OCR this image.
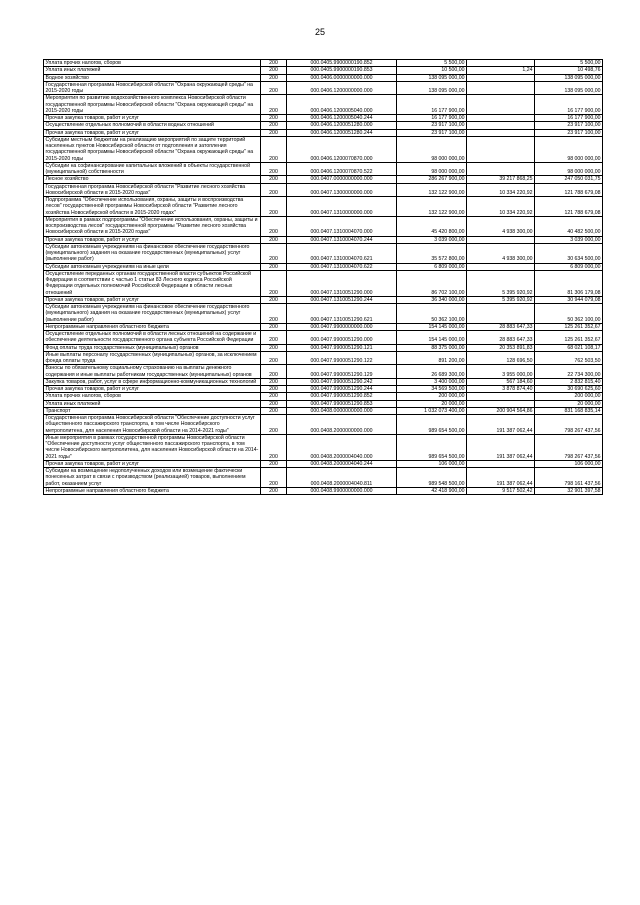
25
Уплата прочих налогов, сборов	200	000.0405.9900000190.852	5 500,00		5 500,00
Уплата иных платежей	200	000.0405.9900000190.853	10 500,00	1,24	10 498,76
Водное хозяйство	200	000.0406.0000000000.000	138 095 000,00		138 095 000,00
Государственная программа Новосибирской области "Охрана окружающей среды" на 2015-2020 годы	200	000.0406.1200000000.000	138 095 000,00		138 095 000,00
Мероприятия по развитию водохозяйственного комплекса Новосибирской области государственной программы Новосибирской области "Охрана окружающей среды" на 2015-2020 годы	200	000.0406.1200005040.000	16 177 900,00		16 177 900,00
Прочая закупка товаров, работ и услуг	200	000.0406.1200005040.244	16 177 900,00		16 177 900,00
Осуществление отдельных полномочий в области водных отношений	200	000.0406.1200051280.000	23 917 100,00		23 917 100,00
Прочая закупка товаров, работ и услуг	200	000.0406.1200051280.244	23 917 100,00		23 917 100,00
Субсидии местным бюджетам на реализацию мероприятий по защите территорий населенных пунктов Новосибирской области от подтопления и затопления государственной программы Новосибирской области "Охрана окружающей среды" на 2015-2020 годы	200	000.0406.1200070870.000	98 000 000,00		98 000 000,00
Субсидии на софинансирование капитальных вложений в объекты государственной (муниципальной) собственности	200	000.0406.1200070870.522	98 000 000,00		98 000 000,00
Лесное хозяйство	200	000.0407.0000000000.000	286 267 900,00	39 217 868,25	247 050 031,75
Государственная программа Новосибирской области "Развитие лесного хозяйства Новосибирской области в 2015-2020 годах"	200	000.0407.1300000000.000	132 122 900,00	10 334 220,92	121 788 679,08
Подпрограмма "Обеспечение использования, охраны, защиты и воспроизводства лесов" государственной программы Новосибирской области "Развитие лесного хозяйства Новосибирской области в 2015-2020 годах"	200	000.0407.1310000000.000	132 122 900,00	10 334 220,92	121 788 679,08
Мероприятия в рамках подпрограммы "Обеспечение использования, охраны, защиты и воспроизводства лесов" государственной программы "Развитие лесного хозяйства Новосибирской области в 2015-2020 годах"	200	000.0407.1310004070.000	45 420 800,00	4 938 300,00	40 482 500,00
Прочая закупка товаров, работ и услуг	200	000.0407.1310004070.244	3 039 000,00		3 039 000,00
Субсидии автономным учреждениям на финансовое обеспечение государственного (муниципального) задания на оказание государственных (муниципальных) услуг (выполнение работ)	200	000.0407.1310004070.621	35 572 800,00	4 938 300,00	30 634 500,00
Субсидии автономным учреждениям на иные цели	200	000.0407.1310004070.622	6 809 000,00		6 809 000,00
Осуществление переданных органам государственной власти субъектов Российской Федерации в соответствии с частью 1 статьи 83 Лесного кодекса Российской Федерации отдельных полномочий Российской Федерации в области лесных отношений	200	000.0407.1310051290.000	86 702 100,00	5 395 920,92	81 306 179,08
Прочая закупка товаров, работ и услуг	200	000.0407.1310051290.244	36 340 000,00	5 395 920,92	30 944 079,08
Субсидии автономным учреждениям на финансовое обеспечение государственного (муниципального) задания на оказание государственных (муниципальных) услуг (выполнение работ)	200	000.0407.1310051290.621	50 362 100,00		50 362 100,00
Непрограммные направления областного бюджета	200	000.0407.9900000000.000	154 145 000,00	28 883 647,33	125 261 352,67
Осуществление отдельных полномочий в области лесных отношений на содержание и обеспечение деятельности государственного органа субъекта Российской Федерации	200	000.0407.9900051290.000	154 145 000,00	28 883 647,33	125 261 352,67
Фонд оплаты труда государственных (муниципальных) органов	200	000.0407.9900051290.121	88 375 000,00	20 353 891,83	68 021 108,17
Иные выплаты персоналу государственных (муниципальных) органов, за исключением фонда оплаты труда	200	000.0407.9900051290.122	891 200,00	128 696,50	762 503,50
Взносы по обязательному социальному страхованию на выплаты денежного содержания и иные выплаты работникам государственных (муниципальных) органов	200	000.0407.9900051290.129	26 689 300,00	3 955 000,00	22 734 300,00
Закупка товаров, работ, услуг в сфере информационно-коммуникационных технологий	200	000.0407.9900051290.242	3 400 000,00	567 184,60	2 832 815,40
Прочая закупка товаров, работ и услуг	200	000.0407.9900051290.244	34 569 500,00	3 878 874,40	30 690 625,60
Уплата прочих налогов, сборов	200	000.0407.9900051290.852	200 000,00		200 000,00
Уплата иных платежей	200	000.0407.9900051290.853	20 000,00		20 000,00
Транспорт	200	000.0408.0000000000.000	1 032 073 400,00	200 904 564,86	831 168 835,14
Государственная программа Новосибирской области "Обеспечение доступности услуг общественного пассажирского транспорта, в том числе Новосибирского метрополитена, для населения Новосибирской области на 2014-2021 годы"	200	000.0408.2000000000.000	989 654 500,00	191 387 062,44	798 267 437,56
Иные мероприятия в рамках государственной программы Новосибирской области "Обеспечение доступности услуг общественного пассажирского транспорта, в том числе Новосибирского метрополитена, для населения Новосибирской области на 2014-2021 годы"	200	000.0408.2000004040.000	989 654 500,00	191 387 062,44	798 267 437,56
Прочая закупка товаров, работ и услуг	200	000.0408.2000004040.244	106 000,00		106 000,00
Субсидии на возмещение недополученных доходов или возмещение фактически понесенных затрат в связи с производством (реализацией) товаров, выполнением работ, оказанием услуг	200	000.0408.2000004040.811	989 548 500,00	191 387 062,44	798 161 437,56
Непрограммные направления областного бюджета	200	000.0408.9900000000.000	42 418 900,00	9 517 502,42	32 901 397,58
